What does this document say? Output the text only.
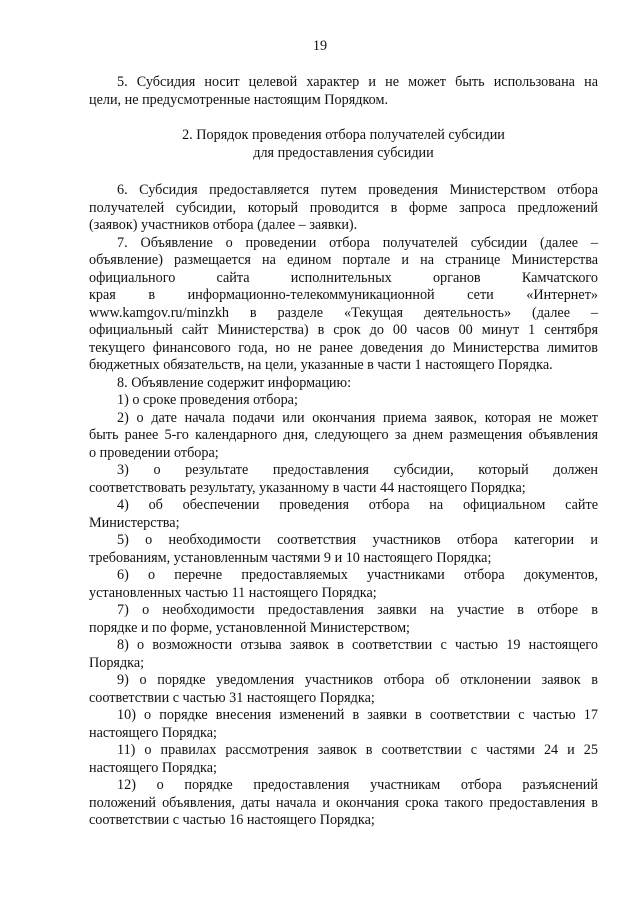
19
5. Субсидия носит целевой характер и не может быть использована на
цели, не предусмотренные настоящим Порядком.
2. Порядок проведения отбора получателей субсидии
для предоставления субсидии
6. Субсидия предоставляется путем проведения Министерством отбора
получателей субсидии, который проводится в форме запроса предложений
(заявок) участников отбора (далее – заявки).
7. Объявление о проведении отбора получателей субсидии (далее –
объявление) размещается на едином портале и на странице Министерства
официального сайта исполнительных органов Камчатского
края в информационно-телекоммуникационной сети «Интернет»
www.kamgov.ru/minzkh в разделе «Текущая деятельность» (далее –
официальный сайт Министерства) в срок до 00 часов 00 минут 1 сентября
текущего финансового года, но не ранее доведения до Министерства лимитов
бюджетных обязательств, на цели, указанные в части 1 настоящего Порядка.
8. Объявление содержит информацию:
1) о сроке проведения отбора;
2) о дате начала подачи или окончания приема заявок, которая не может
быть ранее 5-го календарного дня, следующего за днем размещения объявления
о проведении отбора;
3) о результате предоставления субсидии, который должен
соответствовать результату, указанному в части 44 настоящего Порядка;
4) об обеспечении проведения отбора на официальном сайте
Министерства;
5) о необходимости соответствия участников отбора категории и
требованиям, установленным частями 9 и 10 настоящего Порядка;
6) о перечне предоставляемых участниками отбора документов,
установленных частью 11 настоящего Порядка;
7) о необходимости предоставления заявки на участие в отборе в
порядке и по форме, установленной Министерством;
8) о возможности отзыва заявок в соответствии с частью 19 настоящего
Порядка;
9) о порядке уведомления участников отбора об отклонении заявок в
соответствии с частью 31 настоящего Порядка;
10) о порядке внесения изменений в заявки в соответствии с частью 17
настоящего Порядка;
11) о правилах рассмотрения заявок в соответствии с частями 24 и 25
настоящего Порядка;
12) о порядке предоставления участникам отбора разъяснений
положений объявления, даты начала и окончания срока такого предоставления в
соответствии с частью 16 настоящего Порядка;
